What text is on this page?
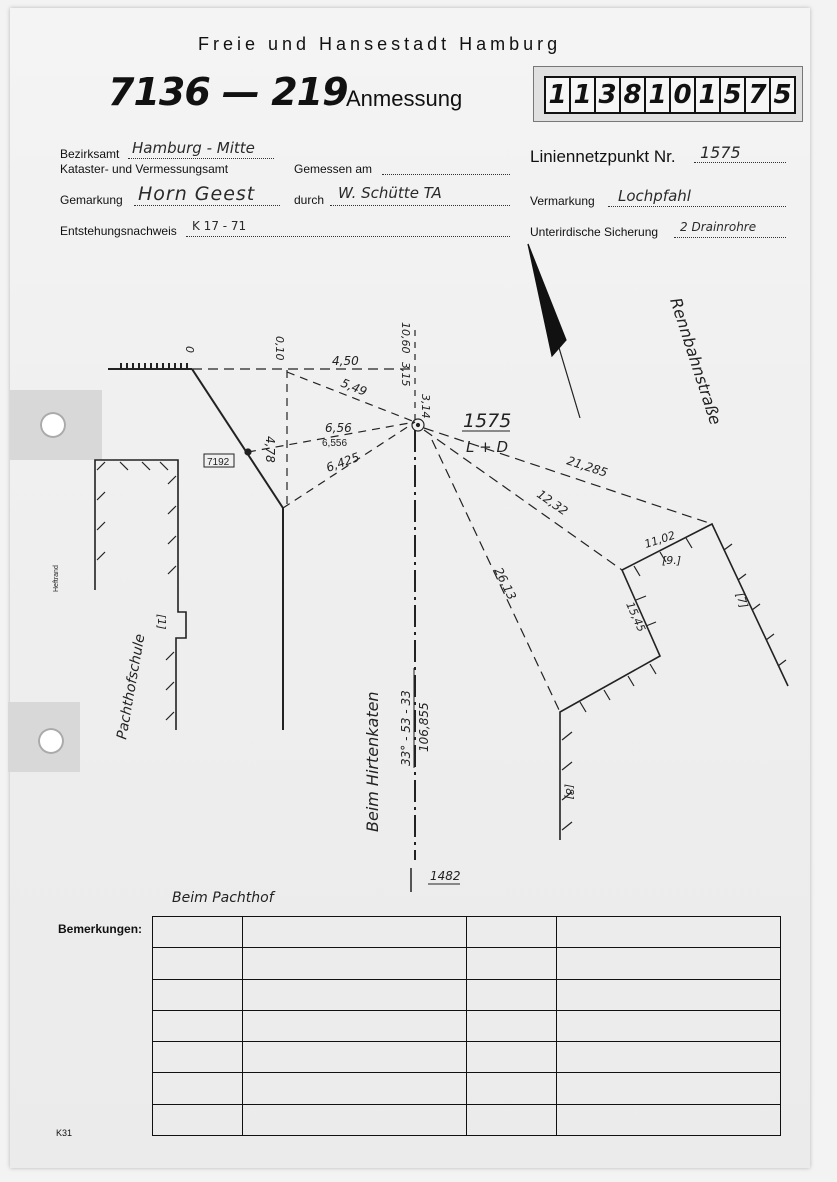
Freie und Hansestadt Hamburg
7136 — 219
Anmessung	1 1 3 8 1 0 1 5 7 5
Bezirksamt Hamburg - Mitte
Kataster- und Vermessungsamt	Gemessen am
Gemarkung Horn Geest	durch W. Schütte TA
Entstehungsnachweis K 17 - 71
Liniennetzpunkt Nr. 1575
Vermarkung Lochpfahl
Unterirdische Sicherung 2 Drainrohre
1575
L + D
Rennbahnstraße
Beim Hirtenkaten
Pachthofschule
Beim Pachthof
7192
1482
33° - 53 - 33 106,855
Heftrand
4,50
5,49
6,56
6,556
6,425
4,78
21,285
12,32
26,13
11,02
15,45
0	0,10	10,60
3,15
3,14
[9.]
[7]
[8]
[1]
Bemerkungen:

K31
